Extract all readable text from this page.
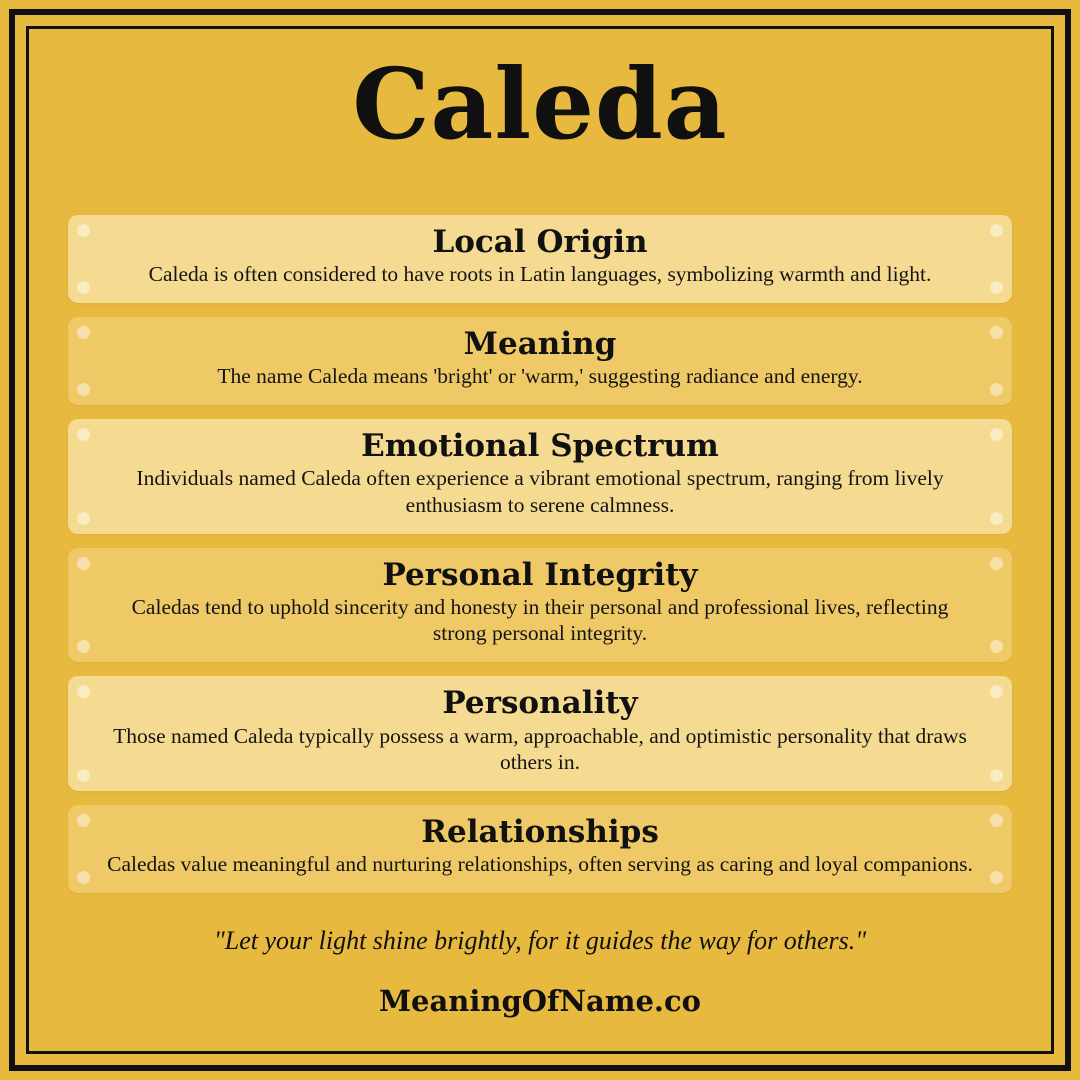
Caleda
Local Origin

Caleda is often considered to have roots in Latin languages, symbolizing warmth and light.

Meaning

The name Caleda means 'bright' or 'warm,' suggesting radiance and energy.

Emotional Spectrum

Individuals named Caleda often experience a vibrant emotional spectrum, ranging from lively enthusiasm to serene calmness.

Personal Integrity

Caledas tend to uphold sincerity and honesty in their personal and professional lives, reflecting strong personal integrity.

Personality

Those named Caleda typically possess a warm, approachable, and optimistic personality that draws others in.

Relationships

Caledas value meaningful and nurturing relationships, often serving as caring and loyal companions.

"Let your light shine brightly, for it guides the way for others."

MeaningOfName.co
